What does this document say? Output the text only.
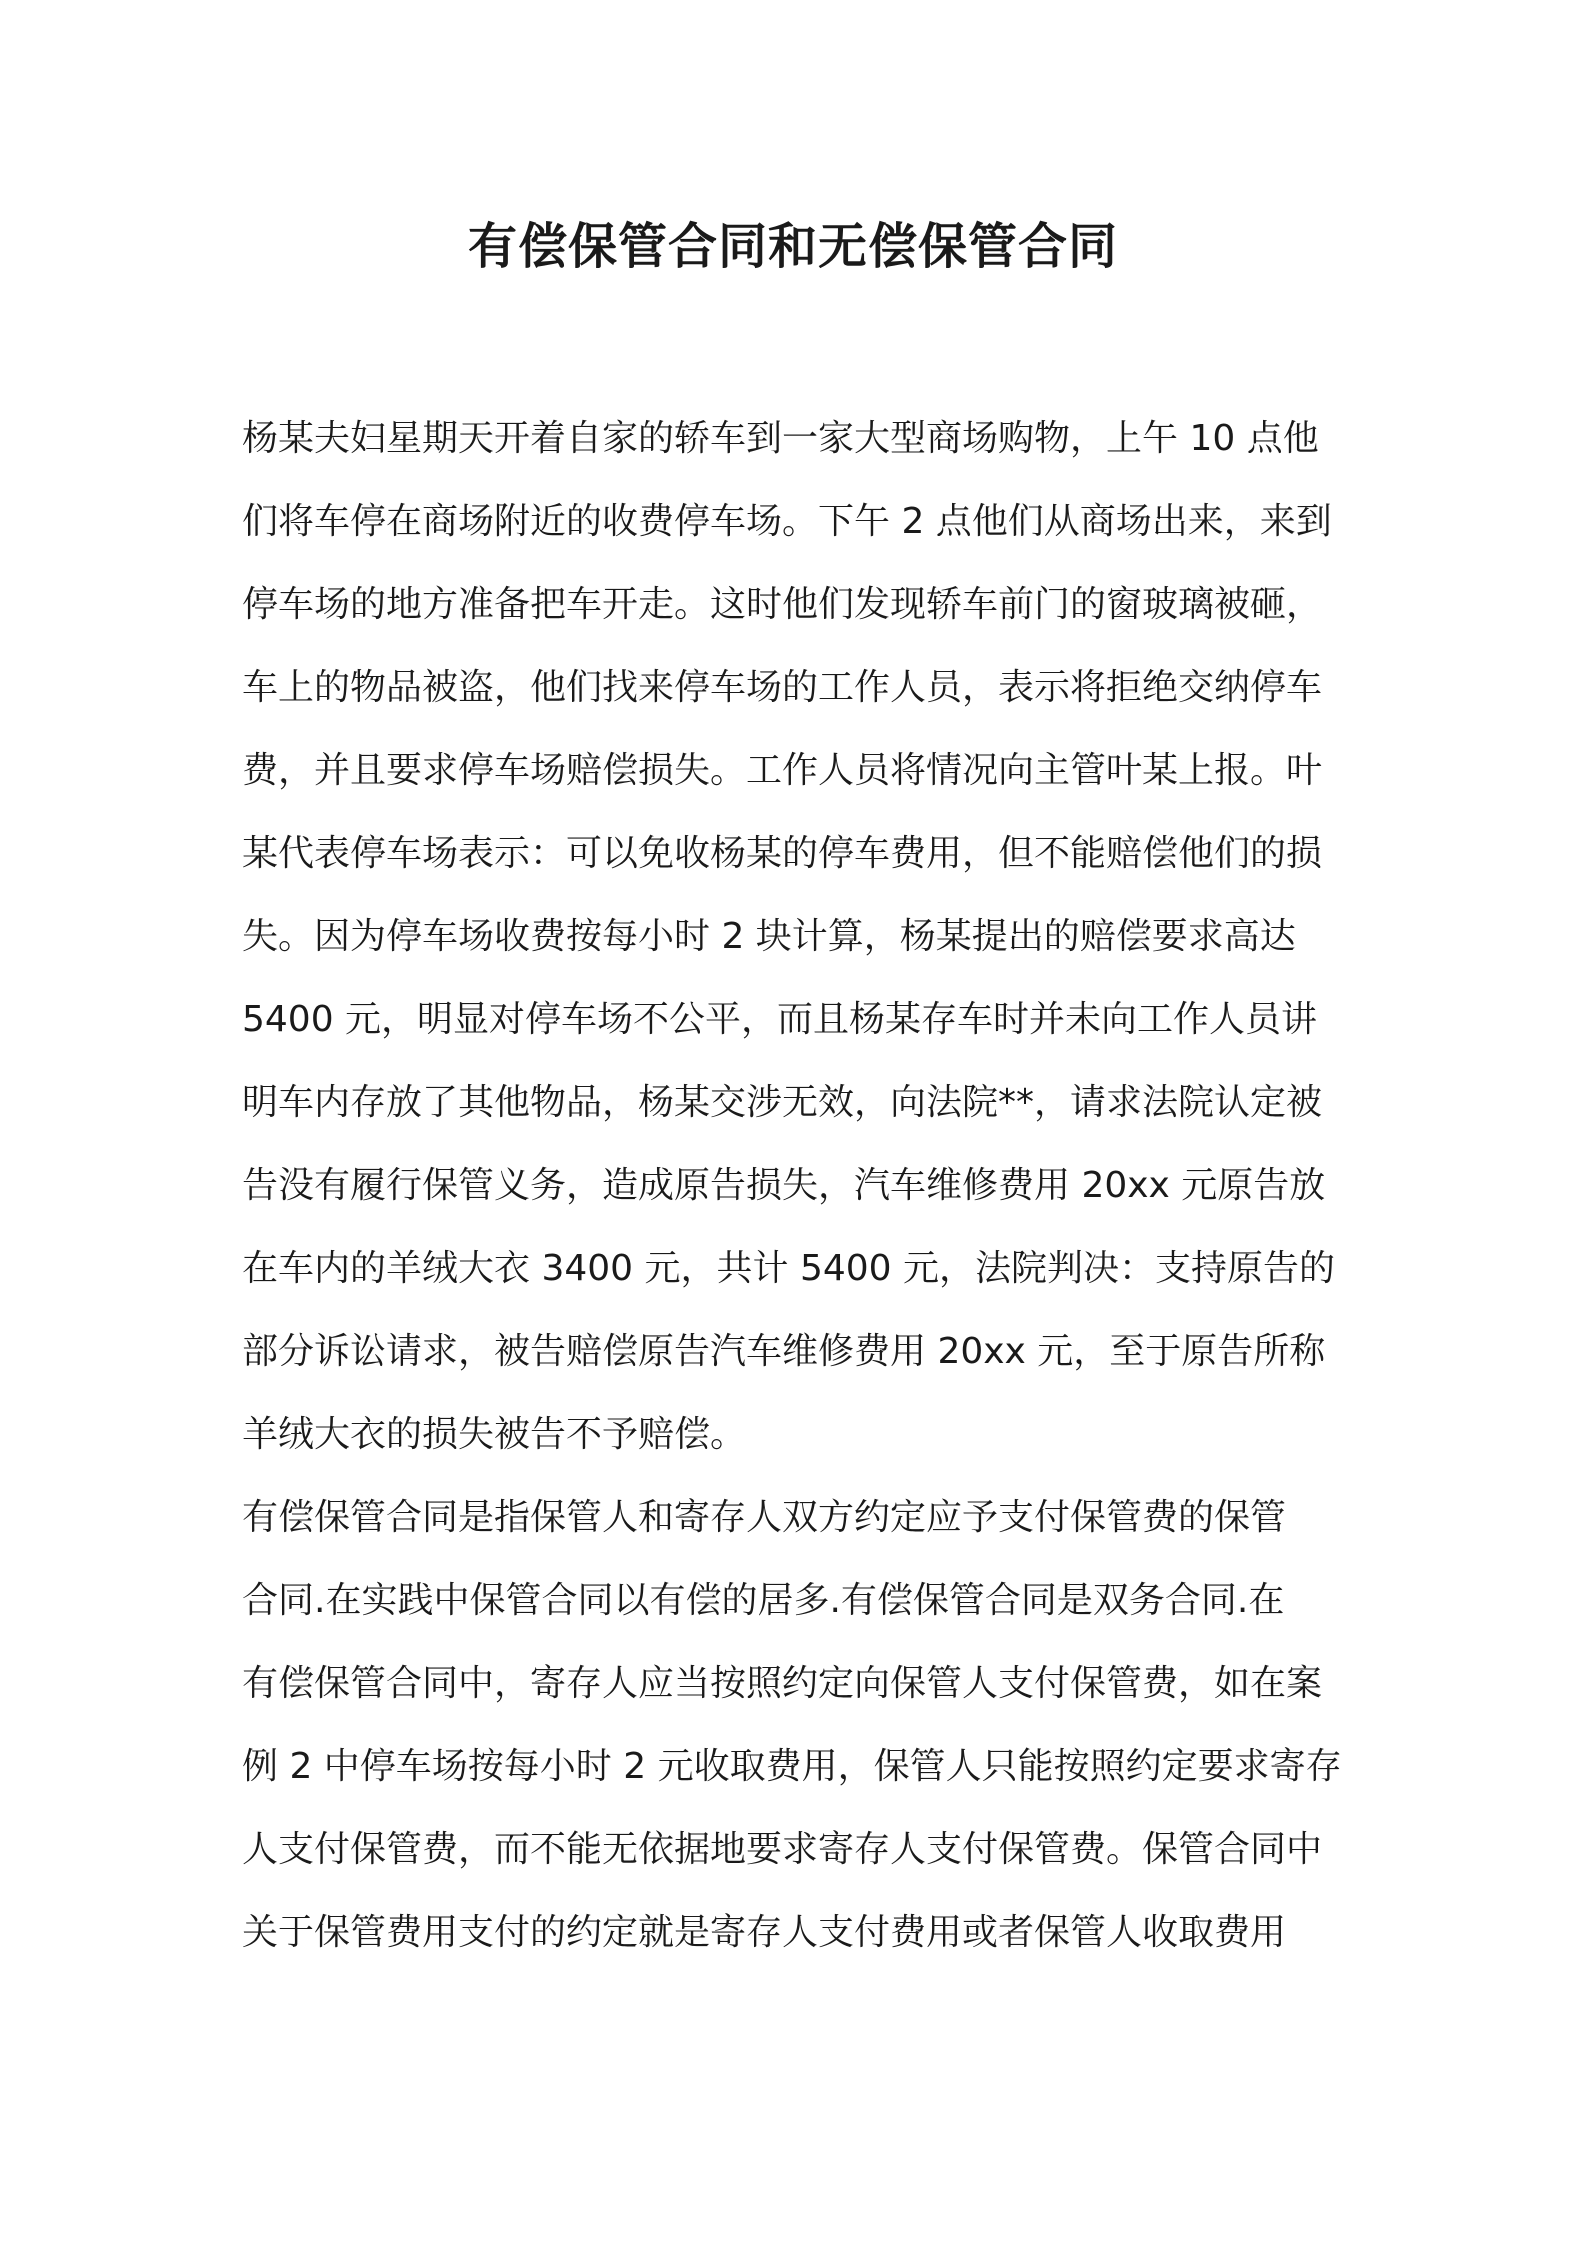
有偿保管合同和无偿保管合同

杨某夫妇星期天开着自家的轿车到一家大型商场购物，上午 10 点他

们将车停在商场附近的收费停车场。下午 2 点他们从商场出来，来到

停车场的地方准备把车开走。这时他们发现轿车前门的窗玻璃被砸，

车上的物品被盗，他们找来停车场的工作人员，表示将拒绝交纳停车

费，并且要求停车场赔偿损失。工作人员将情况向主管叶某上报。叶

某代表停车场表示：可以免收杨某的停车费用，但不能赔偿他们的损

失。因为停车场收费按每小时 2 块计算，杨某提出的赔偿要求高达

5400 元，明显对停车场不公平，而且杨某存车时并未向工作人员讲

明车内存放了其他物品，杨某交涉无效，向法院**，请求法院认定被

告没有履行保管义务，造成原告损失，汽车维修费用 20xx 元原告放

在车内的羊绒大衣 3400 元，共计 5400 元，法院判决：支持原告的

部分诉讼请求，被告赔偿原告汽车维修费用 20xx 元，至于原告所称

羊绒大衣的损失被告不予赔偿。

有偿保管合同是指保管人和寄存人双方约定应予支付保管费的保管

合同.在实践中保管合同以有偿的居多.有偿保管合同是双务合同.在

有偿保管合同中，寄存人应当按照约定向保管人支付保管费，如在案

例 2 中停车场按每小时 2 元收取费用，保管人只能按照约定要求寄存

人支付保管费，而不能无依据地要求寄存人支付保管费。保管合同中

关于保管费用支付的约定就是寄存人支付费用或者保管人收取费用
